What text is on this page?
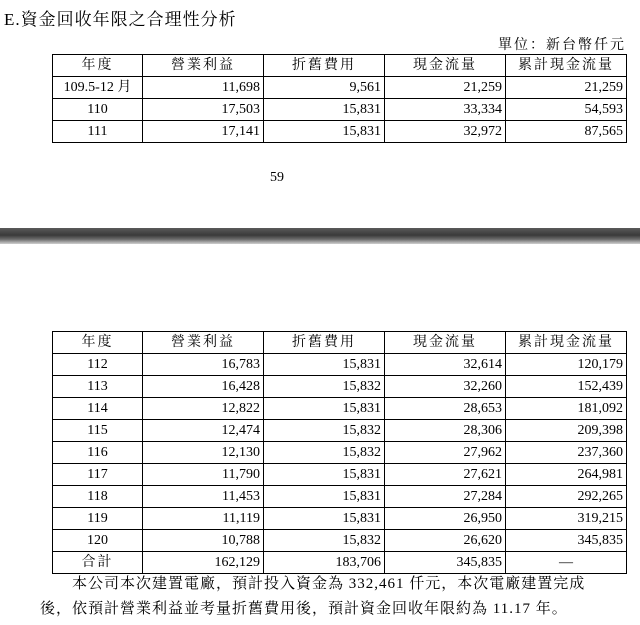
E.資金回收年限之合理性分析
單位：新台幣仟元
年度	營業利益	折舊費用	現金流量	累計現金流量
109.5-12 月	11,698	9,561	21,259	21,259
110	17,503	15,831	33,334	54,593
111	17,141	15,831	32,972	87,565
59
年度	營業利益	折舊費用	現金流量	累計現金流量
112	16,783	15,831	32,614	120,179
113	16,428	15,832	32,260	152,439
114	12,822	15,831	28,653	181,092
115	12,474	15,832	28,306	209,398
116	12,130	15,832	27,962	237,360
117	11,790	15,831	27,621	264,981
118	11,453	15,831	27,284	292,265
119	11,119	15,831	26,950	319,215
120	10,788	15,832	26,620	345,835
合計	162,129	183,706	345,835	—

本公司本次建置電廠，預計投入資金為 332,461 仟元，本次電廠建置完成

後，依預計營業利益並考量折舊費用後，預計資金回收年限約為 11.17 年。
